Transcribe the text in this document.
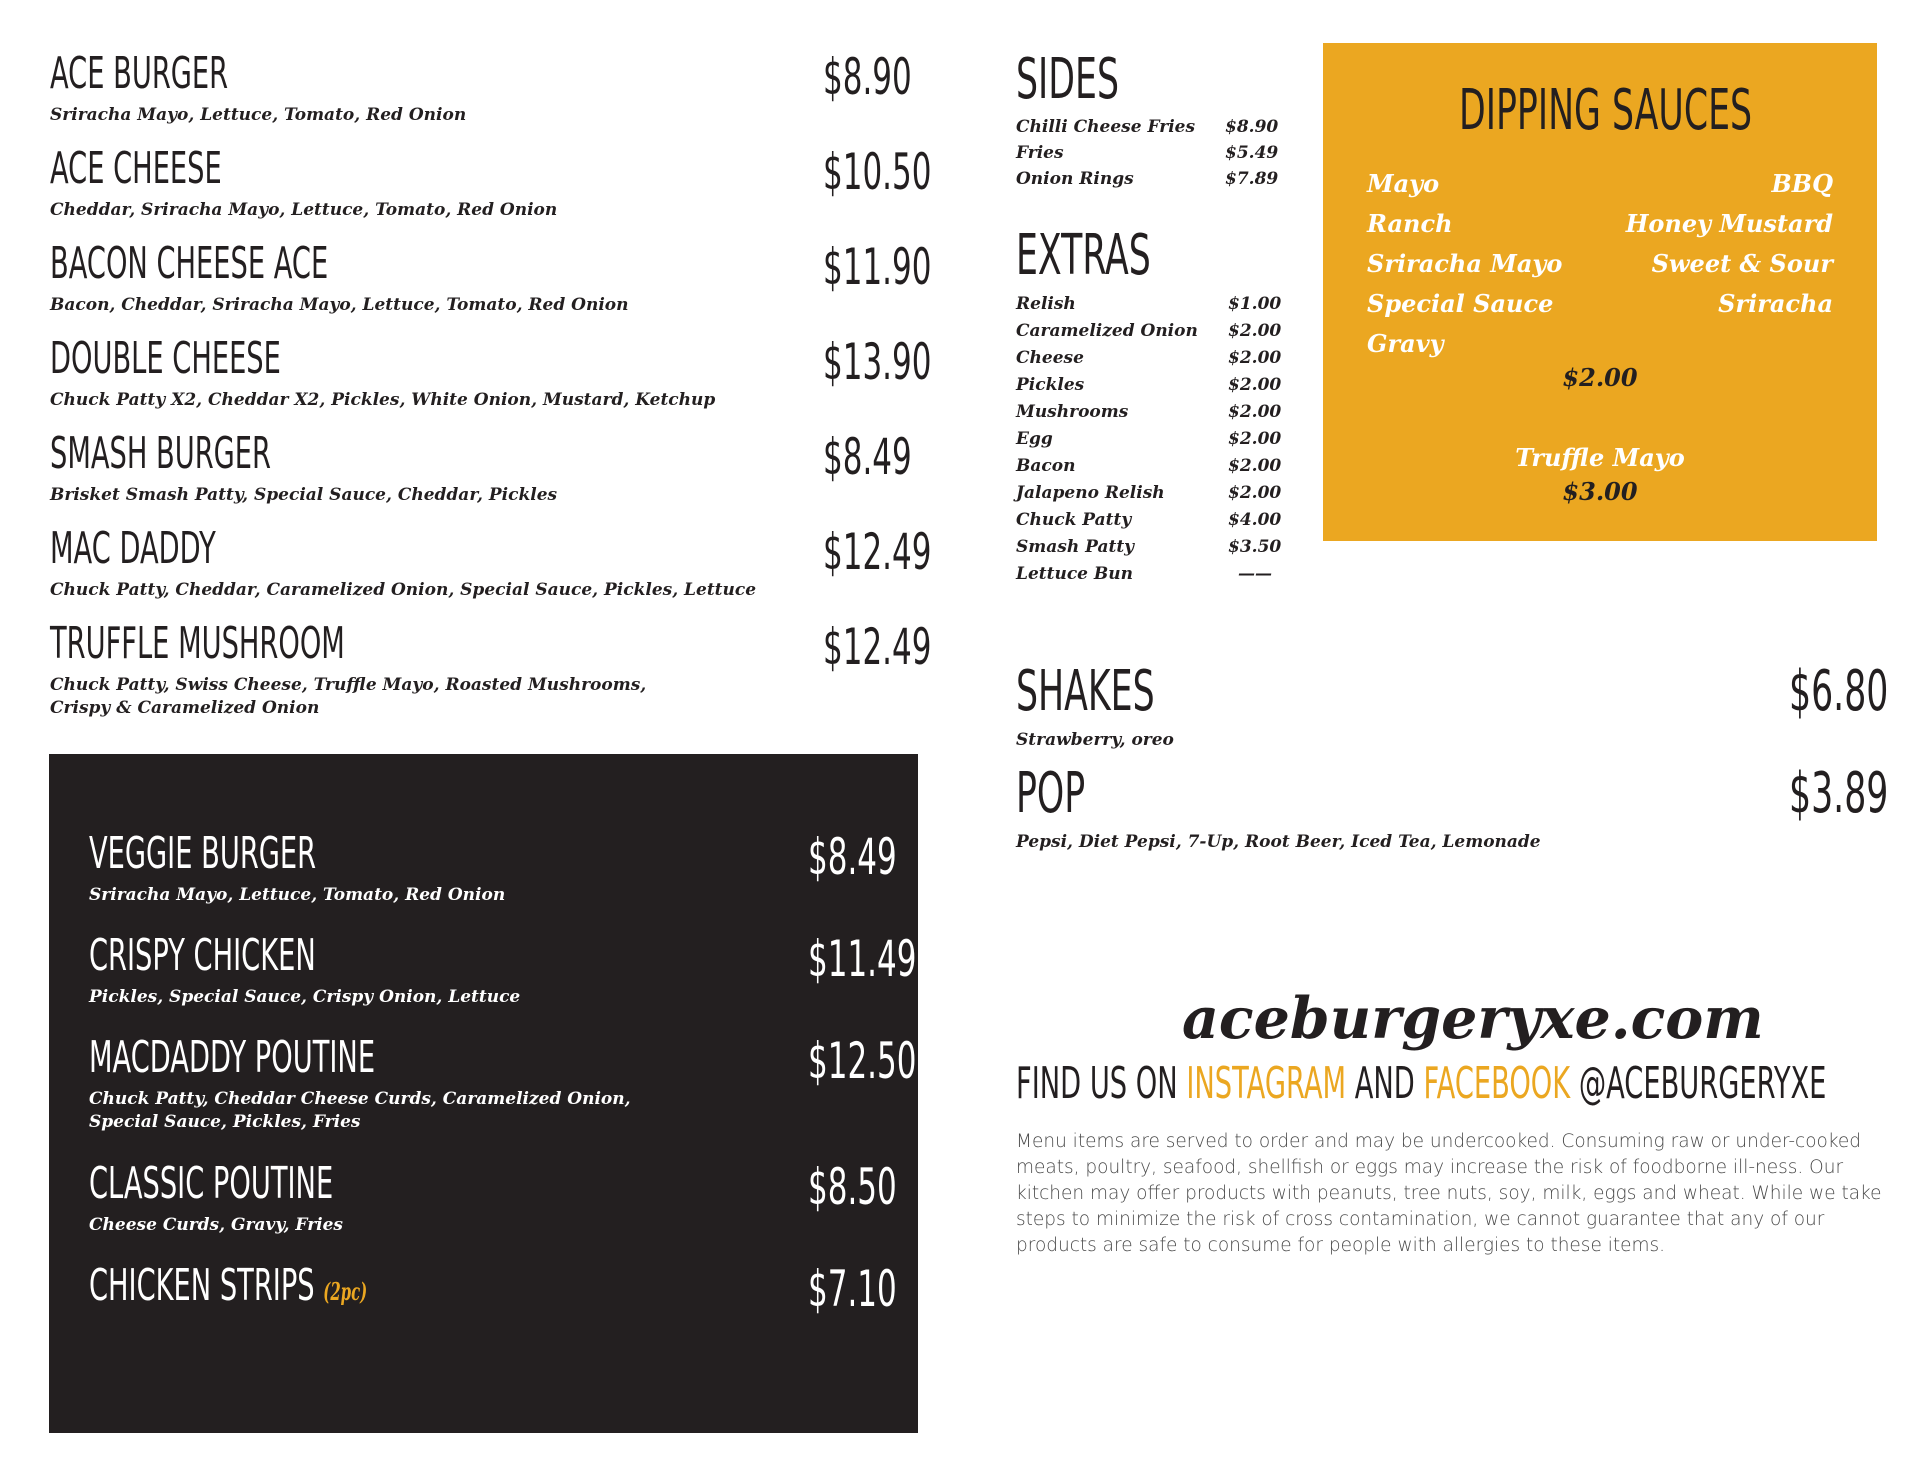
ACE BURGER	$8.90
Sriracha Mayo, Lettuce, Tomato, Red Onion
ACE CHEESE	$10.50
Cheddar, Sriracha Mayo, Lettuce, Tomato, Red Onion
BACON CHEESE ACE	$11.90
Bacon, Cheddar, Sriracha Mayo, Lettuce, Tomato, Red Onion
DOUBLE CHEESE	$13.90
Chuck Patty X2, Cheddar X2, Pickles, White Onion, Mustard, Ketchup
SMASH BURGER	$8.49
Brisket Smash Patty, Special Sauce, Cheddar, Pickles
MAC DADDY	$12.49
Chuck Patty, Cheddar, Caramelized Onion, Special Sauce, Pickles, Lettuce
TRUFFLE MUSHROOM	$12.49
Chuck Patty, Swiss Cheese, Truffle Mayo, Roasted Mushrooms,
Crispy & Caramelized Onion
VEGGIE BURGER	$8.49
Sriracha Mayo, Lettuce, Tomato, Red Onion
CRISPY CHICKEN	$11.49
Pickles, Special Sauce, Crispy Onion, Lettuce
MACDADDY POUTINE	$12.50
Chuck Patty, Cheddar Cheese Curds, Caramelized Onion,
Special Sauce, Pickles, Fries
CLASSIC POUTINE	$8.50
Cheese Curds, Gravy, Fries
CHICKEN STRIPS (2pc)	$7.10
SIDES
Chilli Cheese Fries $8.90
Fries	$5.49
Onion Rings	$7.89
EXTRAS
Relish	$1.00
Caramelized Onion $2.00
Cheese	$2.00
Pickles	$2.00
Mushrooms	$2.00
Egg	$2.00
Bacon	$2.00
Jalapeno Relish	$2.00
Chuck Patty	$4.00
Smash Patty	$3.50
Lettuce Bun	——
DIPPING SAUCES
Mayo
Ranch
Sriracha Mayo
Special Sauce
Gravy
BBQ
Honey Mustard
Sweet & Sour
Sriracha
$2.00
Truffle Mayo
$3.00
SHAKES	$6.80
Strawberry, oreo
POP	$3.89
Pepsi, Diet Pepsi, 7-Up, Root Beer, Iced Tea, Lemonade
aceburgeryxe.com
FIND US ON INSTAGRAM AND FACEBOOK @ACEBURGERYXE
Menu items are served to order and may be undercooked. Consuming raw or under-cooked meats, poultry, seafood, shellfish or eggs may increase the risk of foodborne ill-ness. Our kitchen may offer products with peanuts, tree nuts, soy, milk, eggs and wheat. While we take steps to minimize the risk of cross contamination, we cannot guarantee that any of our products are safe to consume for people with allergies to these items.
